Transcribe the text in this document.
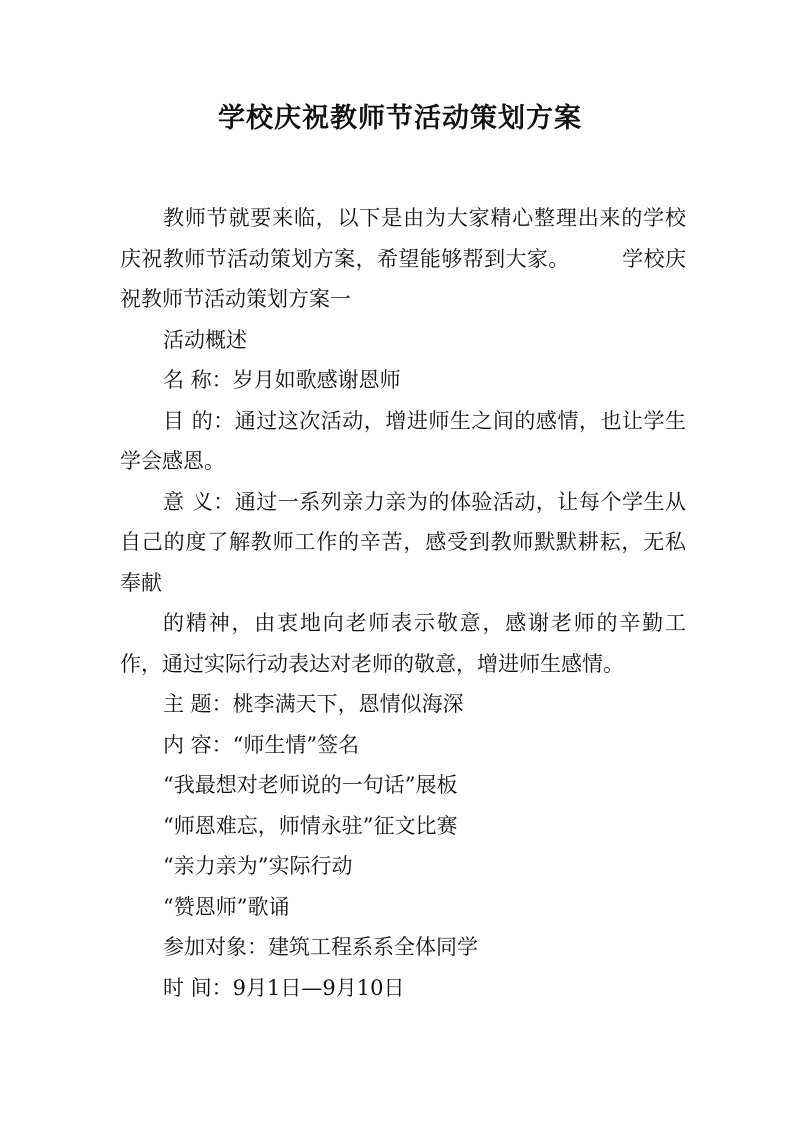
学校庆祝教师节活动策划方案

教师节就要来临，以下是由为大家精心整理出来的学校庆祝教师节活动策划方案，希望能够帮到大家。 学校庆祝教师节活动策划方案一

活动概述

名 称：岁月如歌感谢恩师

目 的：通过这次活动，增进师生之间的感情，也让学生学会感恩。

意 义：通过一系列亲力亲为的体验活动，让每个学生从自己的度了解教师工作的辛苦，感受到教师默默耕耘，无私奉献

的精神，由衷地向老师表示敬意，感谢老师的辛勤工作，通过实际行动表达对老师的敬意，增进师生感情。

主 题：桃李满天下，恩情似海深

内 容：“师生情”签名

“我最想对老师说的一句话”展板

“师恩难忘，师情永驻”征文比赛

“亲力亲为”实际行动

“赞恩师”歌诵

参加对象：建筑工程系系全体同学

时 间：9月1日—9月10日
